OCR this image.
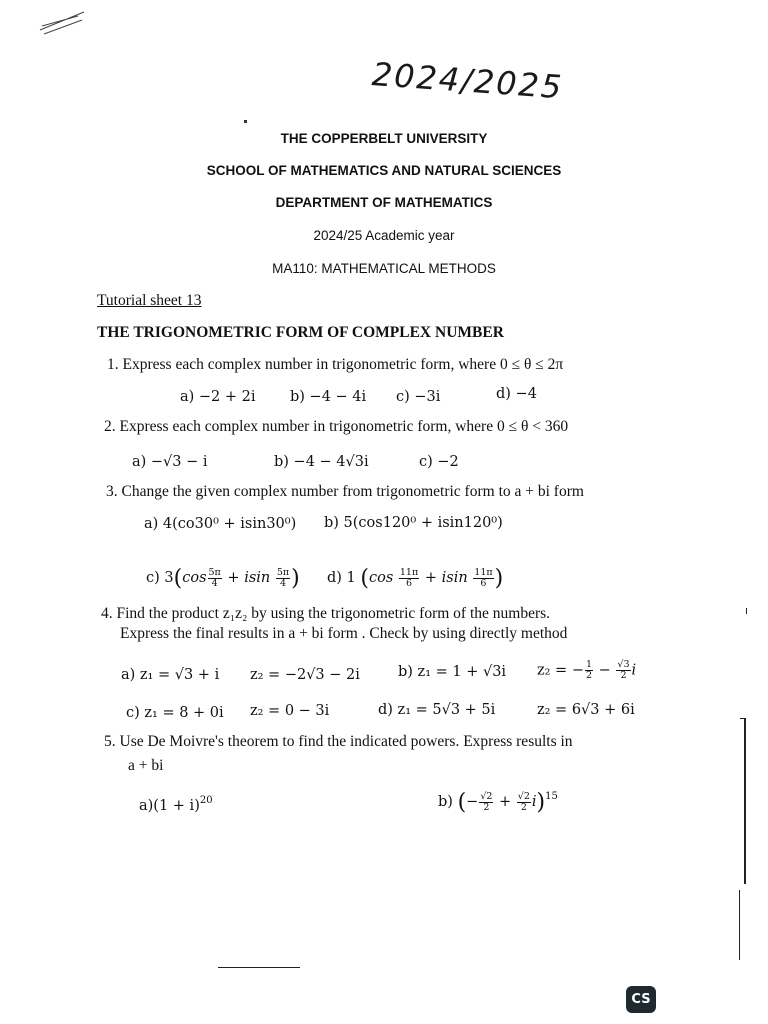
2024/2025
THE COPPERBELT UNIVERSITY
SCHOOL OF MATHEMATICS AND NATURAL SCIENCES
DEPARTMENT OF MATHEMATICS
2024/25 Academic year
MA110: MATHEMATICAL METHODS
Tutorial sheet 13
THE TRIGONOMETRIC FORM OF COMPLEX NUMBER
1. Express each complex number in trigonometric form, where 0 ≤ θ ≤ 2π
a) −2 + 2i b) −4 − 4i c) −3i	d) −4
2. Express each complex number in trigonometric form, where 0 ≤ θ < 360
a) −√3 − i	b) −4 − 4√3i	c) −2
3. Change the given complex number from trigonometric form to a + bi form
a) 4(co30⁰ + isin30⁰) b) 5(cos120⁰ + isin120⁰)
c) $3(\cos \frac{5\pi}{4} + isin \frac{5\pi}{4}$ ) d) 1 ($\cos \frac{11\pi}{6} + isin \frac{11\pi}{6}$ )
4. Find the product z₁z₂ by using the trigonometric form of the numbers.
Express the final results in a + bi form . Check by using directly method
a) z₁ = √3 + i z₂ = −2√3 − 2i	b) z₁ = 1 + √3i z₂ = − $\frac{1}{2} - \frac{√3}{2}$ i
c) z₁ = 8 + 0i z₂ = 0 − 3i	d) z₁ = 5√3 + 5i	z₂ = 6√3 + 6i
5. Use De Moivre's theorem to find the indicated powers. Express results in
a + bi
$a)(1 + i)^{20}$	b) (− $\frac{√2}{2} + \frac{√2}{2} i)^{15}$
CS
